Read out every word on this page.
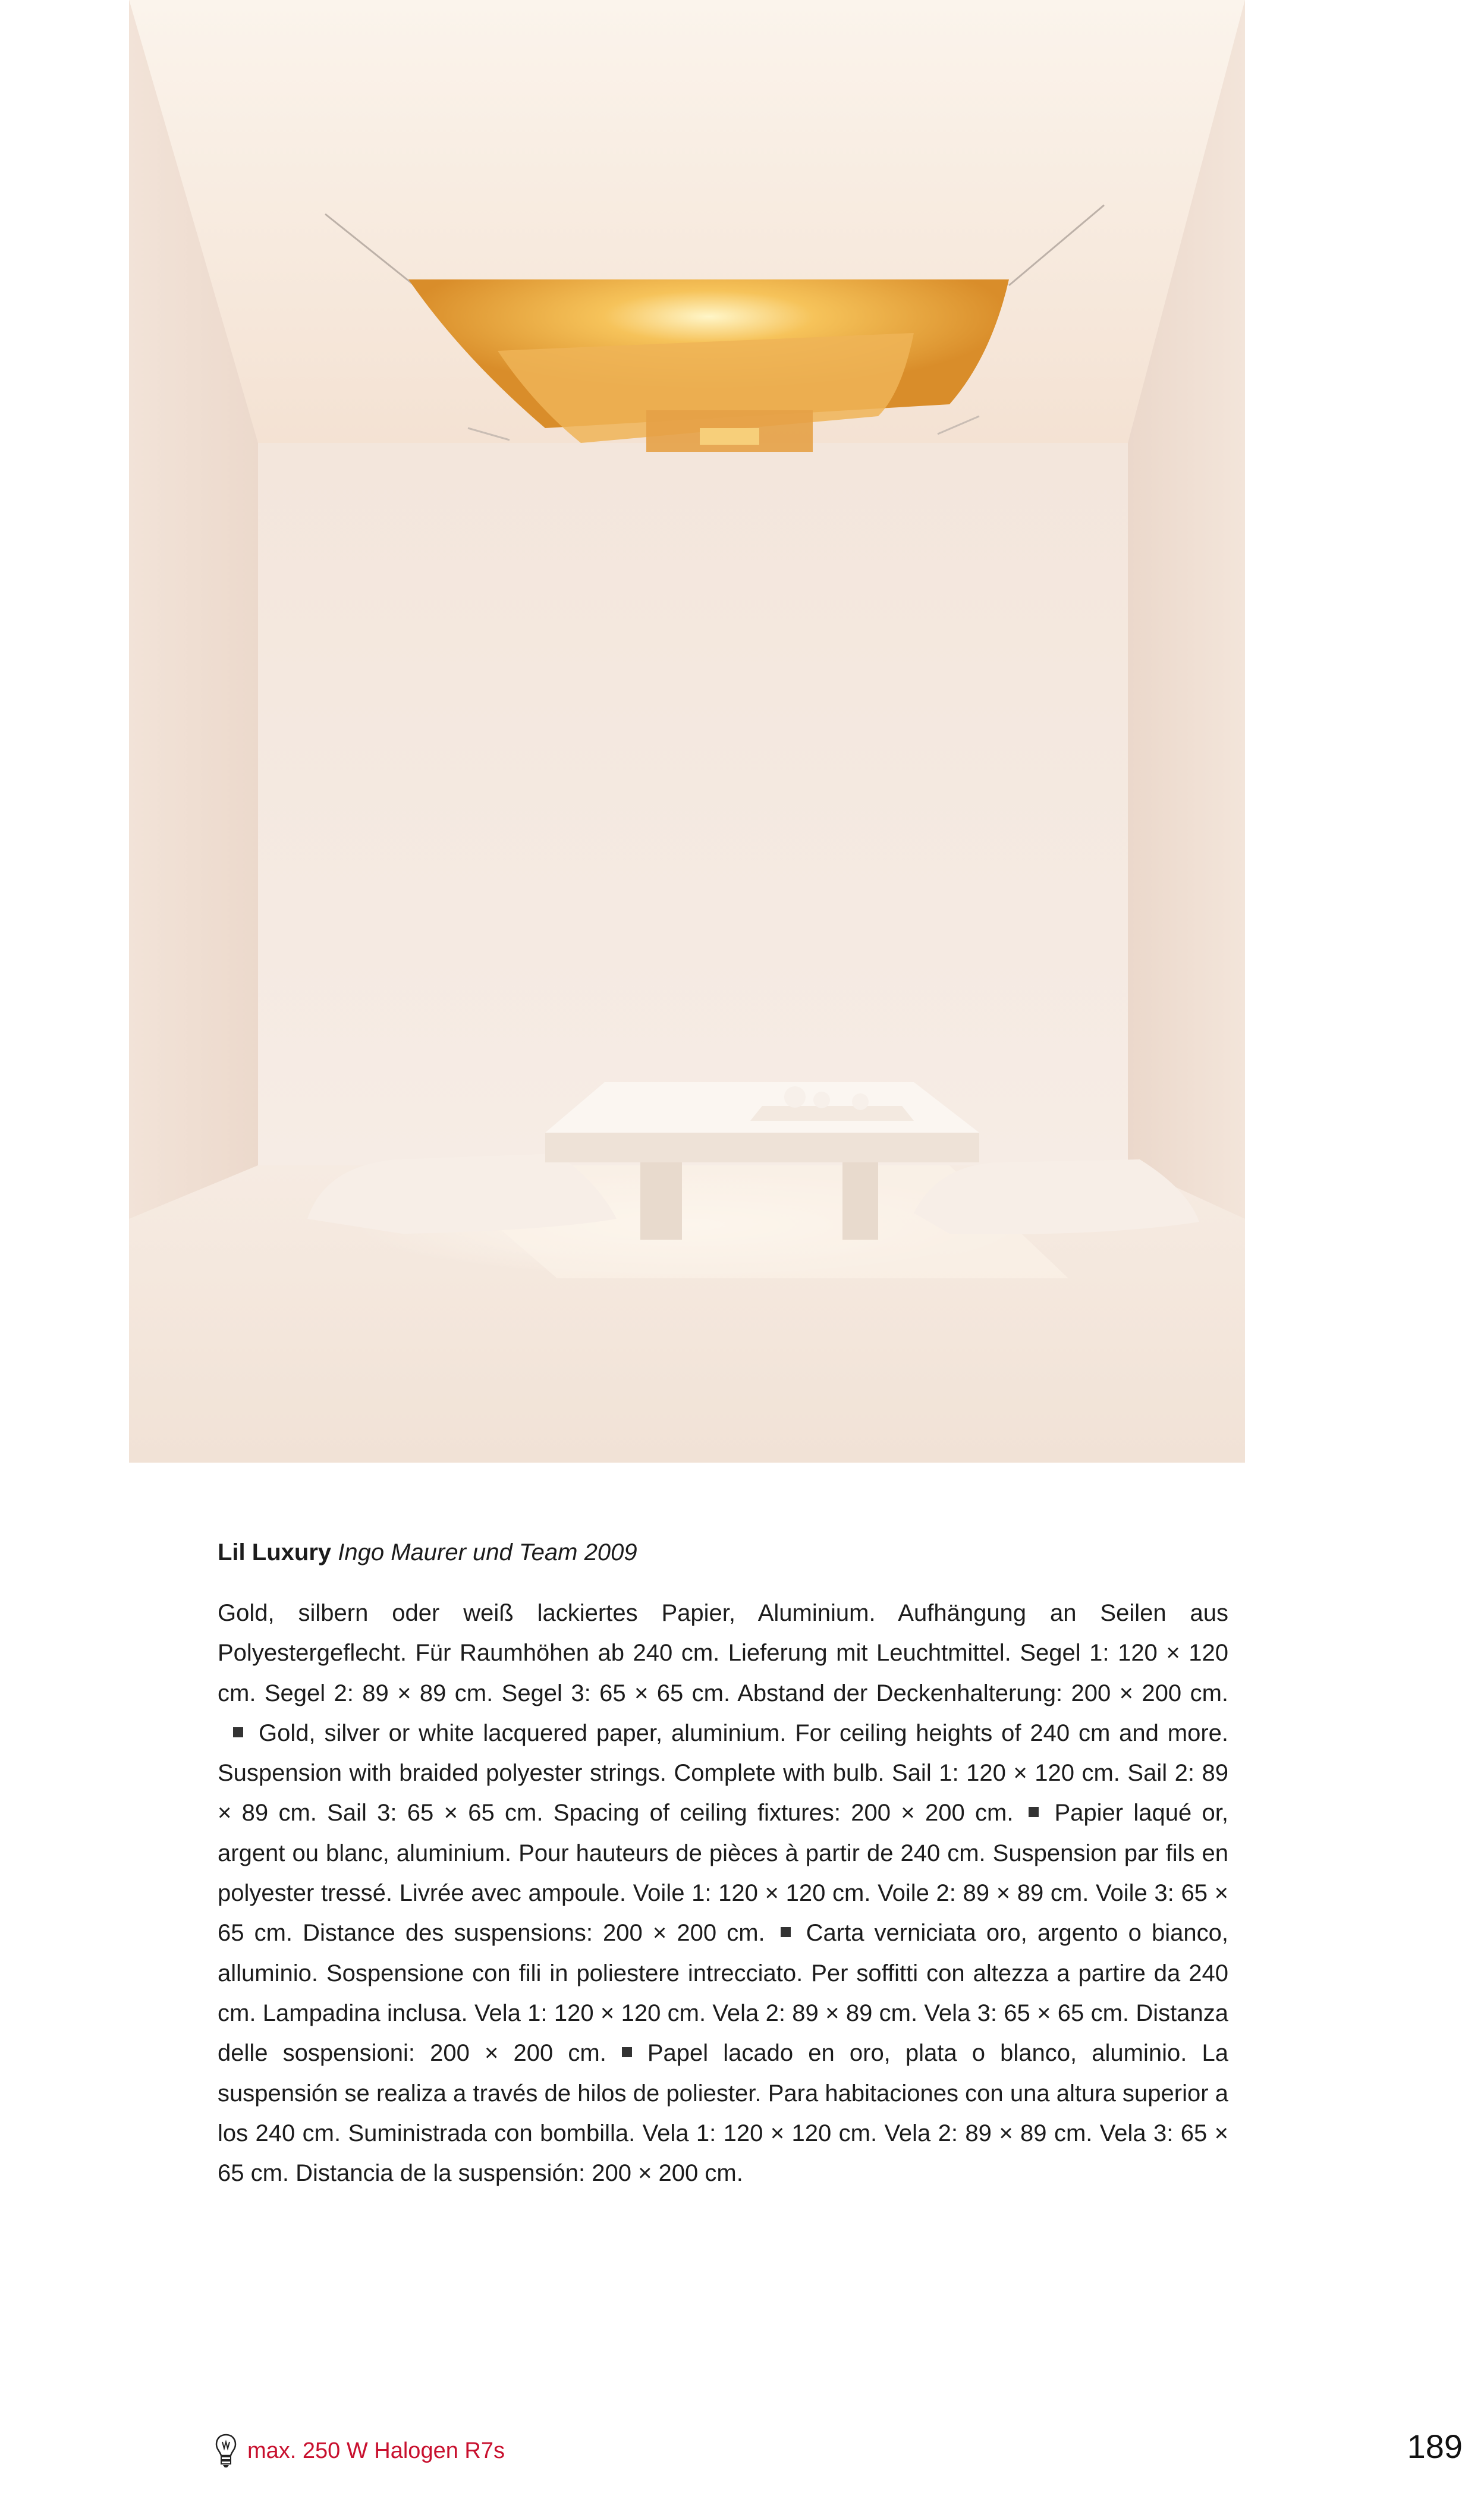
Lil Luxury Ingo Maurer und Team 2009

Gold, silbern oder weiß lackiertes Papier, Aluminium. Aufhängung an Seilen aus Polyestergeflecht. Für Raumhöhen ab 240 cm. Lieferung mit Leuchtmittel. Segel 1: 120 × 120 cm. Segel 2: 89 × 89 cm. Segel 3: 65 × 65 cm. Abstand der Deckenhalterung: 200 × 200 cm.

Gold, silver or white lacquered paper, aluminium. For ceiling heights of 240 cm and more. Suspension with braided polyester strings. Complete with bulb. Sail 1: 120 × 120 cm. Sail 2: 89 × 89 cm. Sail 3: 65 × 65 cm. Spacing of ceiling fixtures: 200 × 200 cm. Papier laqué or, argent ou blanc, aluminium. Pour hauteurs de pièces à partir de 240 cm. Suspension par fils en polyester tressé. Livrée avec ampoule. Voile 1: 120 × 120 cm. Voile 2: 89 × 89 cm. Voile 3: 65 × 65 cm. Distance des suspensions: 200 × 200 cm. Carta verniciata oro, argento o bianco, alluminio. Sospensione con fili in poliestere intrecciato. Per soffitti con altezza a partire da 240 cm. Lampadina inclusa. Vela 1: 120 × 120 cm. Vela 2: 89 × 89 cm. Vela 3: 65 × 65 cm. Distanza delle sospensioni: 200 × 200 cm. Papel lacado en oro, plata o blanco, aluminio. La suspensión se realiza a través de hilos de poliester. Para habitaciones con una altura superior a los 240 cm. Suministrada con bombilla. Vela 1: 120 × 120 cm. Vela 2: 89 × 89 cm. Vela 3: 65 × 65 cm. Distancia de la suspensión: 200 × 200 cm.

max. 250 W Halogen R7s	189
